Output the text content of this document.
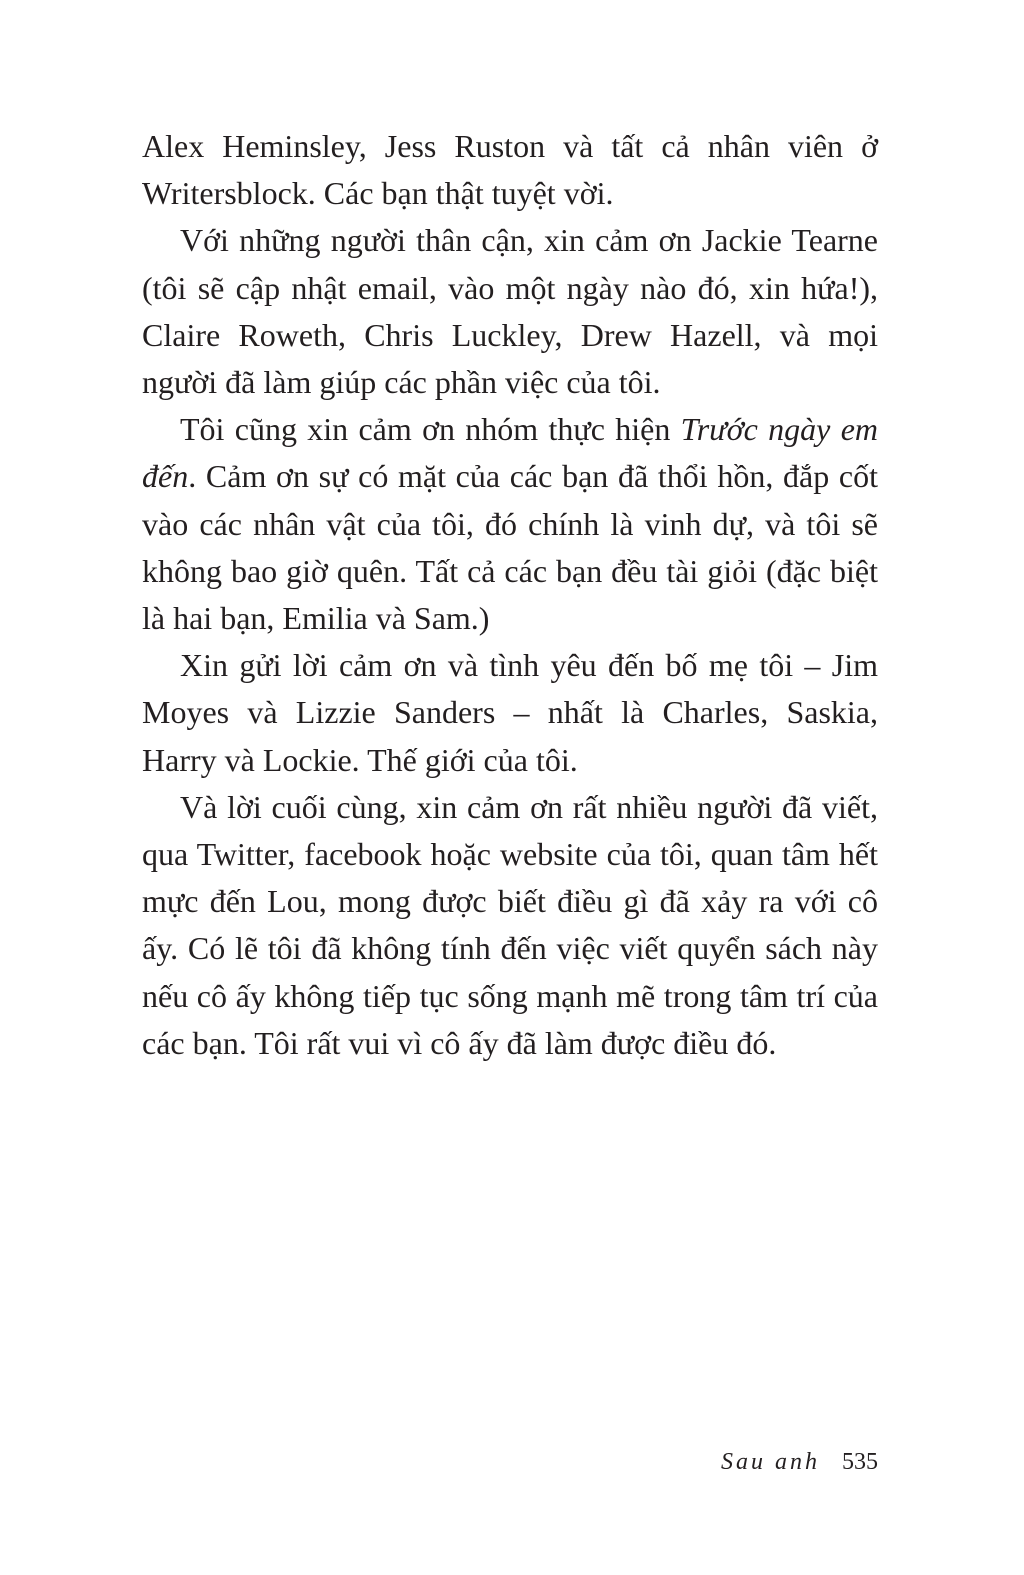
Alex Heminsley, Jess Ruston và tất cả nhân viên ở Writersblock. Các bạn thật tuyệt vời.

Với những người thân cận, xin cảm ơn Jackie Tearne (tôi sẽ cập nhật email, vào một ngày nào đó, xin hứa!), Claire Roweth, Chris Luckley, Drew Hazell, và mọi người đã làm giúp các phần việc của tôi.

Tôi cũng xin cảm ơn nhóm thực hiện Trước ngày em đến. Cảm ơn sự có mặt của các bạn đã thổi hồn, đắp cốt vào các nhân vật của tôi, đó chính là vinh dự, và tôi sẽ không bao giờ quên. Tất cả các bạn đều tài giỏi (đặc biệt là hai bạn, Emilia và Sam.)

Xin gửi lời cảm ơn và tình yêu đến bố mẹ tôi – Jim Moyes và Lizzie Sanders – nhất là Charles, Saskia, Harry và Lockie. Thế giới của tôi.

Và lời cuối cùng, xin cảm ơn rất nhiều người đã viết, qua Twitter, facebook hoặc website của tôi, quan tâm hết mực đến Lou, mong được biết điều gì đã xảy ra với cô ấy. Có lẽ tôi đã không tính đến việc viết quyển sách này nếu cô ấy không tiếp tục sống mạnh mẽ trong tâm trí của các bạn. Tôi rất vui vì cô ấy đã làm được điều đó.

Sau anh 535
